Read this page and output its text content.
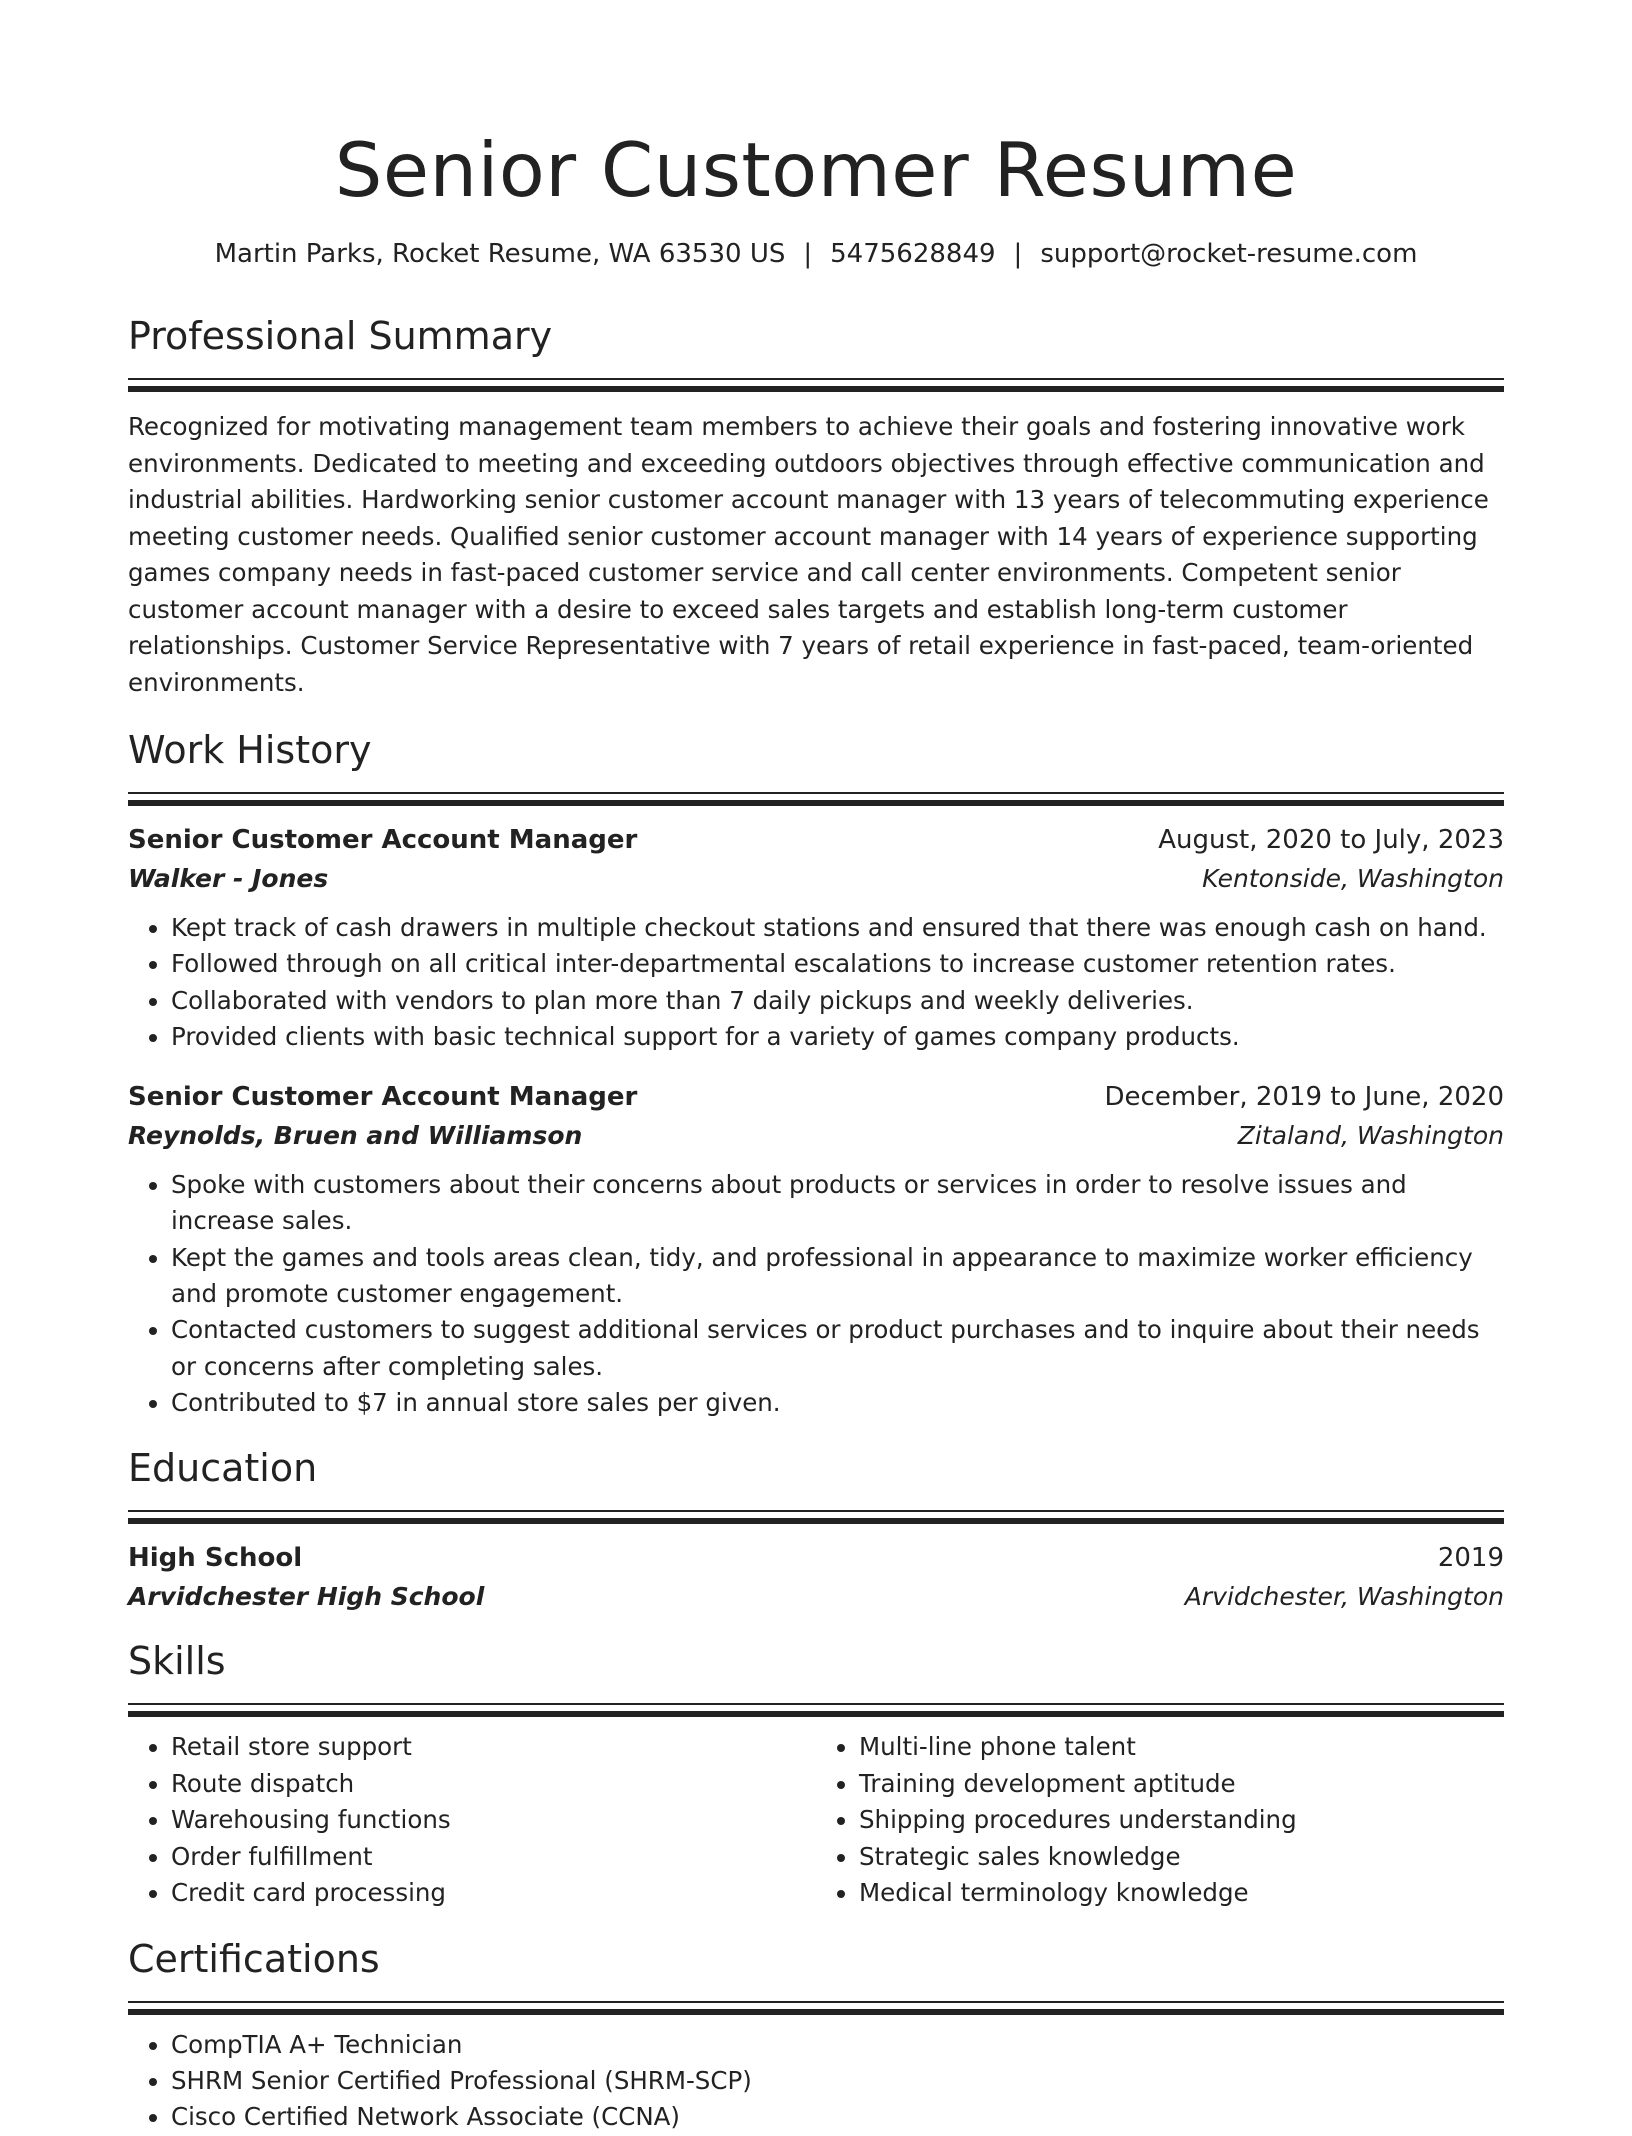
Senior Customer Resume
Martin Parks, Rocket Resume, WA 63530 US | 5475628849 | support@rocket-resume.com
Professional Summary

Recognized for motivating management team members to achieve their goals and fostering innovative work environments. Dedicated to meeting and exceeding outdoors objectives through effective communication and industrial abilities. Hardworking senior customer account manager with 13 years of telecommuting experience meeting customer needs. Qualified senior customer account manager with 14 years of experience supporting games company needs in fast-paced customer service and call center environments. Competent senior customer account manager with a desire to exceed sales targets and establish long-term customer relationships. Customer Service Representative with 7 years of retail experience in fast-paced, team-oriented environments.

Work History
Senior Customer Account Manager	August, 2020 to July, 2023
Walker - Jones	Kentonside, Washington
• Kept track of cash drawers in multiple checkout stations and ensured that there was enough cash on hand.
• Followed through on all critical inter-departmental escalations to increase customer retention rates.
• Collaborated with vendors to plan more than 7 daily pickups and weekly deliveries.
• Provided clients with basic technical support for a variety of games company products.
Senior Customer Account Manager	December, 2019 to June, 2020
Reynolds, Bruen and Williamson	Zitaland, Washington
• Spoke with customers about their concerns about products or services in order to resolve issues and increase sales.
• Kept the games and tools areas clean, tidy, and professional in appearance to maximize worker efficiency and promote customer engagement.
• Contacted customers to suggest additional services or product purchases and to inquire about their needs or concerns after completing sales.
• Contributed to $7 in annual store sales per given.
Education
High School	2019
Arvidchester High School	Arvidchester, Washington
Skills
• Retail store support
• Route dispatch
• Warehousing functions
• Order fulfillment
• Credit card processing
• Multi-line phone talent
• Training development aptitude
• Shipping procedures understanding
• Strategic sales knowledge
• Medical terminology knowledge
Certifications
• CompTIA A+ Technician
• SHRM Senior Certified Professional (SHRM-SCP)
• Cisco Certified Network Associate (CCNA)
